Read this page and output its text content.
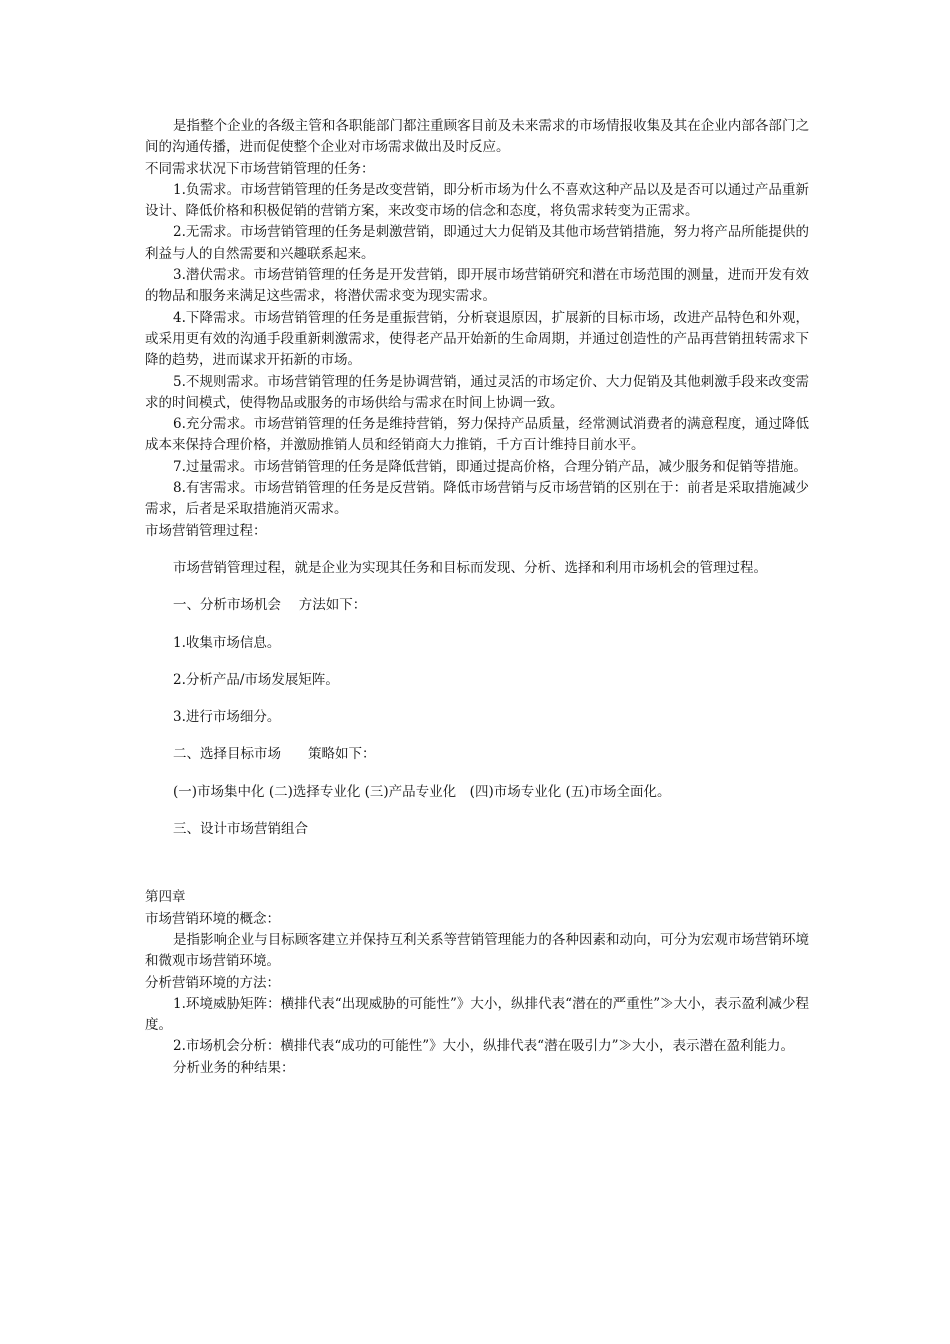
是指整个企业的各级主管和各职能部门都注重顾客目前及未来需求的市场情报收集及其在企业内部各部门之间的沟通传播，进而促使整个企业对市场需求做出及时反应。

不同需求状况下市场营销管理的任务：

1.负需求。市场营销管理的任务是改变营销，即分析市场为什么不喜欢这种产品以及是否可以通过产品重新设计、降低价格和积极促销的营销方案，来改变市场的信念和态度，将负需求转变为正需求。

2.无需求。市场营销管理的任务是刺激营销，即通过大力促销及其他市场营销措施，努力将产品所能提供的利益与人的自然需要和兴趣联系起来。

3.潜伏需求。市场营销管理的任务是开发营销，即开展市场营销研究和潜在市场范围的测量，进而开发有效的物品和服务来满足这些需求，将潜伏需求变为现实需求。

4.下降需求。市场营销管理的任务是重振营销，分析衰退原因，扩展新的目标市场，改进产品特色和外观，或采用更有效的沟通手段重新刺激需求，使得老产品开始新的生命周期，并通过创造性的产品再营销扭转需求下降的趋势，进而谋求开拓新的市场。

5.不规则需求。市场营销管理的任务是协调营销，通过灵活的市场定价、大力促销及其他刺激手段来改变需求的时间模式，使得物品或服务的市场供给与需求在时间上协调一致。

6.充分需求。市场营销管理的任务是维持营销，努力保持产品质量，经常测试消费者的满意程度，通过降低成本来保持合理价格，并激励推销人员和经销商大力推销，千方百计维持目前水平。

7.过量需求。市场营销管理的任务是降低营销，即通过提高价格，合理分销产品，减少服务和促销等措施。

8.有害需求。市场营销管理的任务是反营销。降低市场营销与反市场营销的区别在于：前者是采取措施减少需求，后者是采取措施消灭需求。

市场营销管理过程：

市场营销管理过程，就是企业为实现其任务和目标而发现、分析、选择和利用市场机会的管理过程。

一、分析市场机会　 方法如下：

1.收集市场信息。

2.分析产品/市场发展矩阵。

3.进行市场细分。

二、选择目标市场　　策略如下：

(一)市场集中化 (二)选择专业化 (三)产品专业化　(四)市场专业化 (五)市场全面化。

三、设计市场营销组合

第四章

市场营销环境的概念：

是指影响企业与目标顾客建立并保持互利关系等营销管理能力的各种因素和动向，可分为宏观市场营销环境和微观市场营销环境。

分析营销环境的方法：

1.环境威胁矩阵：横排代表“出现威胁的可能性”》大小，纵排代表“潜在的严重性”≫大小，表示盈利减少程度。

2.市场机会分析：横排代表“成功的可能性”》大小，纵排代表“潜在吸引力”≫大小，表示潜在盈利能力。

分析业务的种结果：
